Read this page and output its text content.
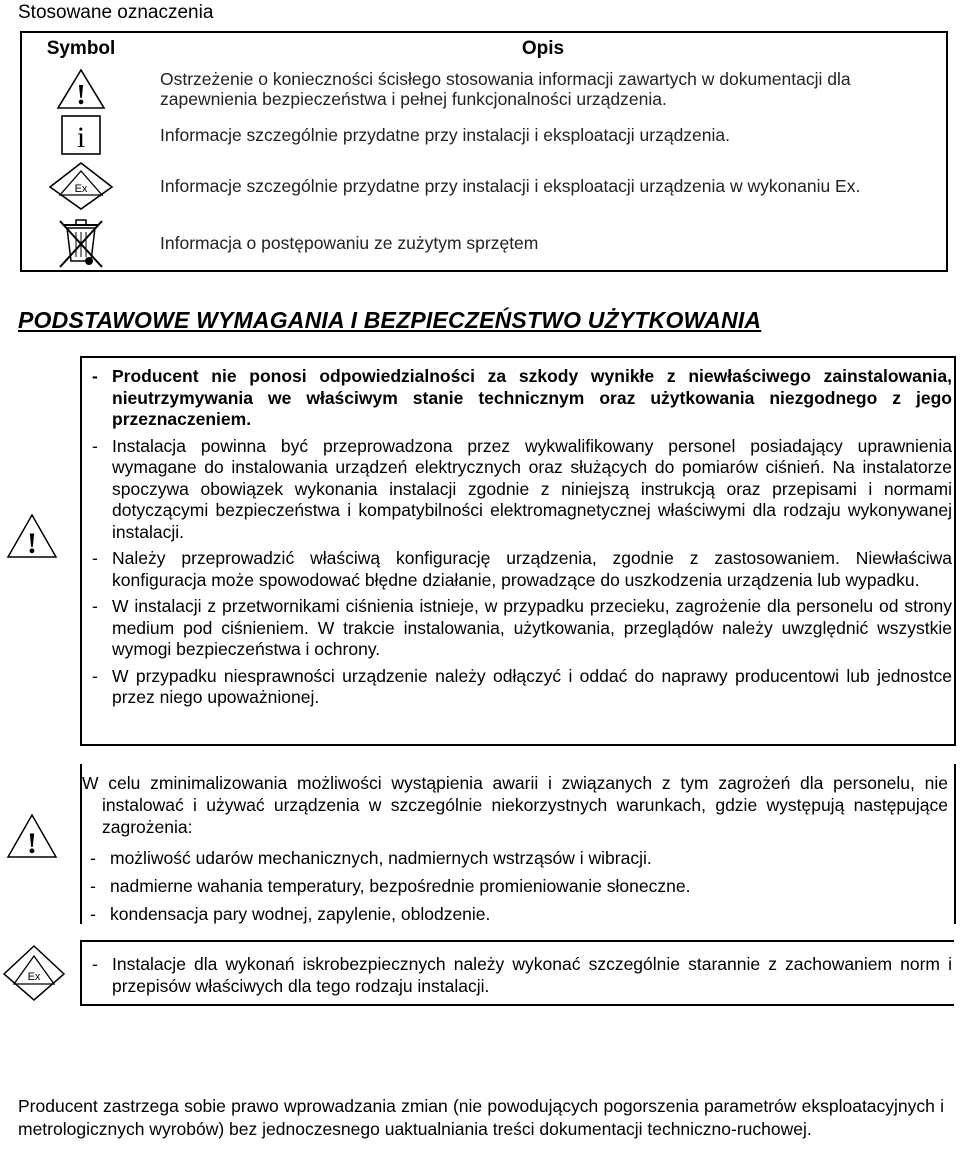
Stosowane oznaczenia
Symbol	Opis

!	Ostrzeżenie o konieczności ścisłego stosowania informacji zawartych w dokumentacji dla zapewnienia bezpieczeństwa i pełnej funkcjonalności urządzenia.

i	Informacje szczególnie przydatne przy instalacji i eksploatacji urządzenia.

Ex	Informacje szczególnie przydatne przy instalacji i eksploatacji urządzenia w wykonaniu Ex.

	Informacja o postępowaniu ze zużytym sprzętem
PODSTAWOWE WYMAGANIA I BEZPIECZEŃSTWO UŻYTKOWANIA
!
- Producent nie ponosi odpowiedzialności za szkody wynikłe z niewłaściwego zainstalowania, nieutrzymywania we właściwym stanie technicznym oraz użytkowania niezgodnego z jego przeznaczeniem.
- Instalacja powinna być przeprowadzona przez wykwalifikowany personel posiadający uprawnienia wymagane do instalowania urządzeń elektrycznych oraz służących do pomiarów ciśnień. Na instalatorze spoczywa obowiązek wykonania instalacji zgodnie z niniejszą instrukcją oraz przepisami i normami dotyczącymi bezpieczeństwa i kompatybilności elektromagnetycznej właściwymi dla rodzaju wykonywanej instalacji.
- Należy przeprowadzić właściwą konfigurację urządzenia, zgodnie z zastosowaniem. Niewłaściwa konfiguracja może spowodować błędne działanie, prowadzące do uszkodzenia urządzenia lub wypadku.
- W instalacji z przetwornikami ciśnienia istnieje, w przypadku przecieku, zagrożenie dla personelu od strony medium pod ciśnieniem. W trakcie instalowania, użytkowania, przeglądów należy uwzględnić wszystkie wymogi bezpieczeństwa i ochrony.
- W przypadku niesprawności urządzenie należy odłączyć i oddać do naprawy producentowi lub jednostce przez niego upoważnionej.
!
W celu zminimalizowania możliwości wystąpienia awarii i związanych z tym zagrożeń dla personelu, nie instalować i używać urządzenia w szczególnie niekorzystnych warunkach, gdzie występują następujące zagrożenia:
- możliwość udarów mechanicznych, nadmiernych wstrząsów i wibracji.
- nadmierne wahania temperatury, bezpośrednie promieniowanie słoneczne.
- kondensacja pary wodnej, zapylenie, oblodzenie.
Ex
- Instalacje dla wykonań iskrobezpiecznych należy wykonać szczególnie starannie z zachowaniem norm i przepisów właściwych dla tego rodzaju instalacji.
Producent zastrzega sobie prawo wprowadzania zmian (nie powodujących pogorszenia parametrów eksploatacyjnych i metrologicznych wyrobów) bez jednoczesnego uaktualniania treści dokumentacji techniczno-ruchowej.
